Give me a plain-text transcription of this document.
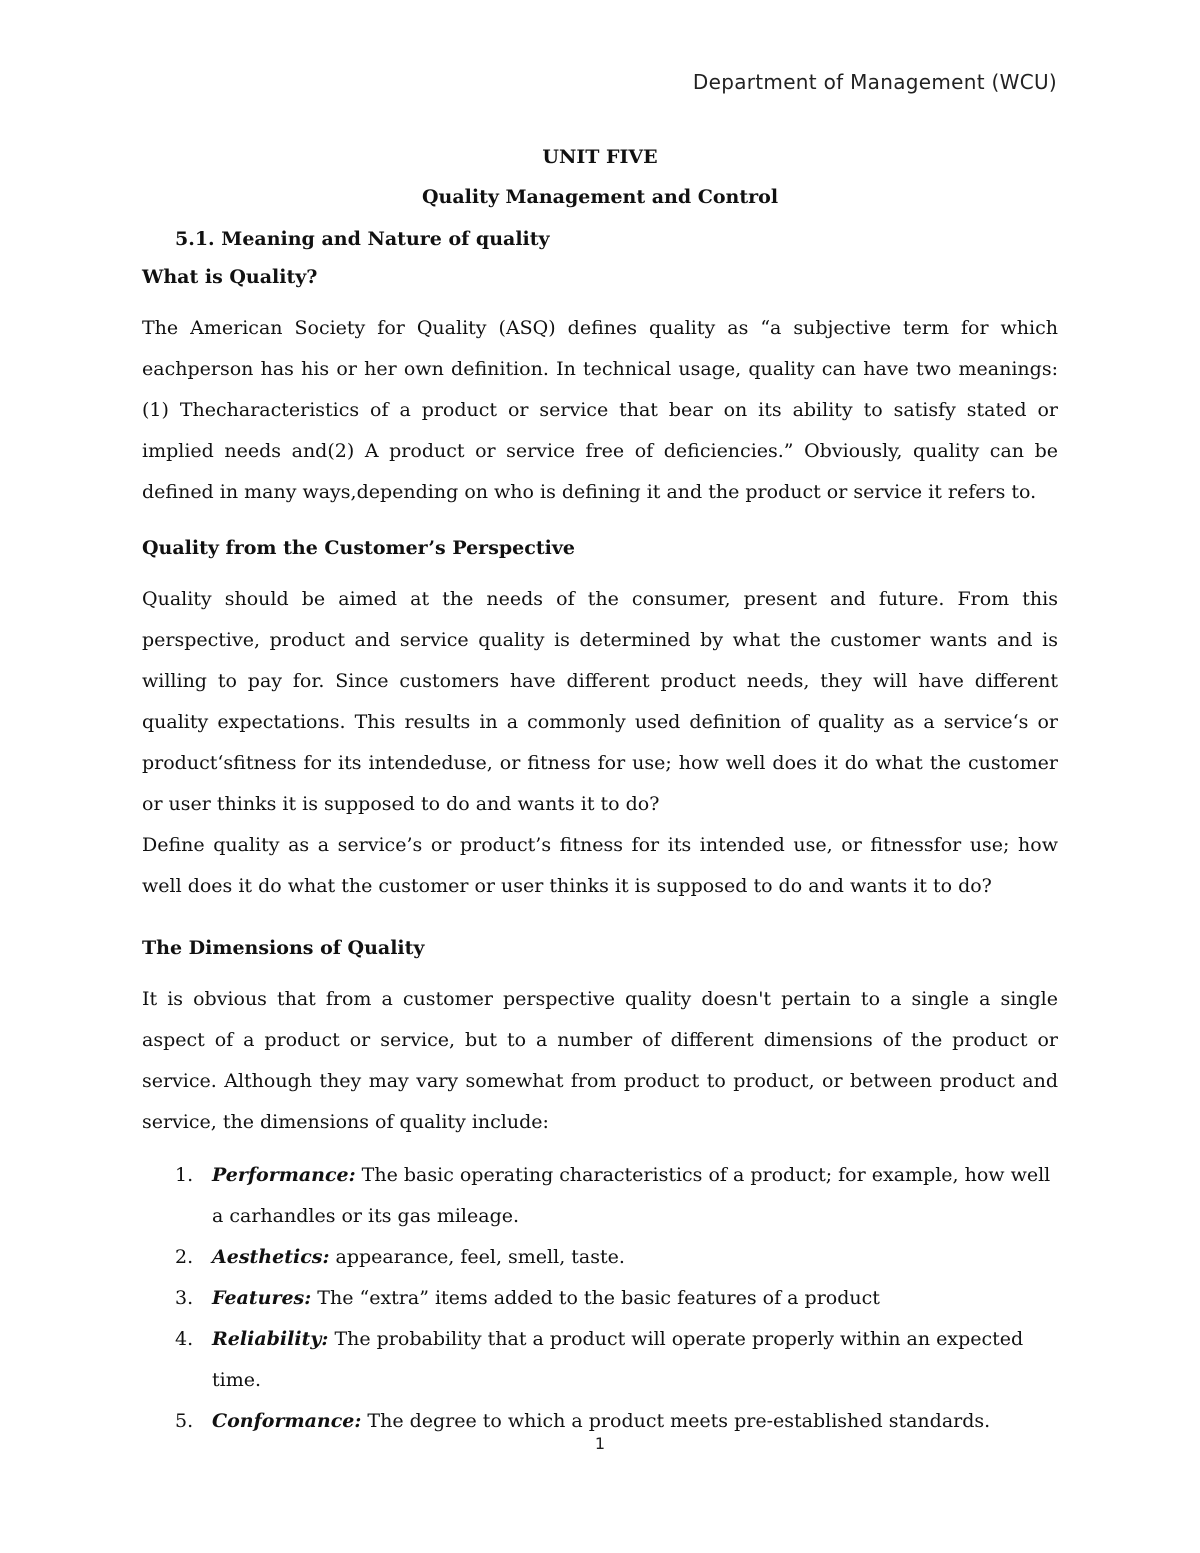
Department of Management (WCU)
UNIT FIVE
Quality Management and Control
5.1. Meaning and Nature of quality
What is Quality?

The American Society for Quality (ASQ) defines quality as “a subjective term for which eachperson has his or her own definition. In technical usage, quality can have two meanings: (1) Thecharacteristics of a product or service that bear on its ability to satisfy stated or implied needs and(2) A product or service free of deficiencies.” Obviously, quality can be defined in many ways,depending on who is defining it and the product or service it refers to.

Quality from the Customer’s Perspective

Quality should be aimed at the needs of the consumer, present and future. From this perspective, product and service quality is determined by what the customer wants and is willing to pay for. Since customers have different product needs, they will have different quality expectations. This results in a commonly used definition of quality as a service‘s or product‘sfitness for its intendeduse, or fitness for use; how well does it do what the customer or user thinks it is supposed to do and wants it to do?

Define quality as a service’s or product’s fitness for its intended use, or fitnessfor use; how well does it do what the customer or user thinks it is supposed to do and wants it to do?

The Dimensions of Quality

It is obvious that from a customer perspective quality doesn't pertain to a single a single aspect of a product or service, but to a number of different dimensions of the product or service. Although they may vary somewhat from product to product, or between product and service, the dimensions of quality include:

1. Performance: The basic operating characteristics of a product; for example, how well a carhandles or its gas mileage.
2. Aesthetics: appearance, feel, smell, taste.
3. Features: The “extra” items added to the basic features of a product
4. Reliability: The probability that a product will operate properly within an expected time.
5. Conformance: The degree to which a product meets pre-established standards.
1
